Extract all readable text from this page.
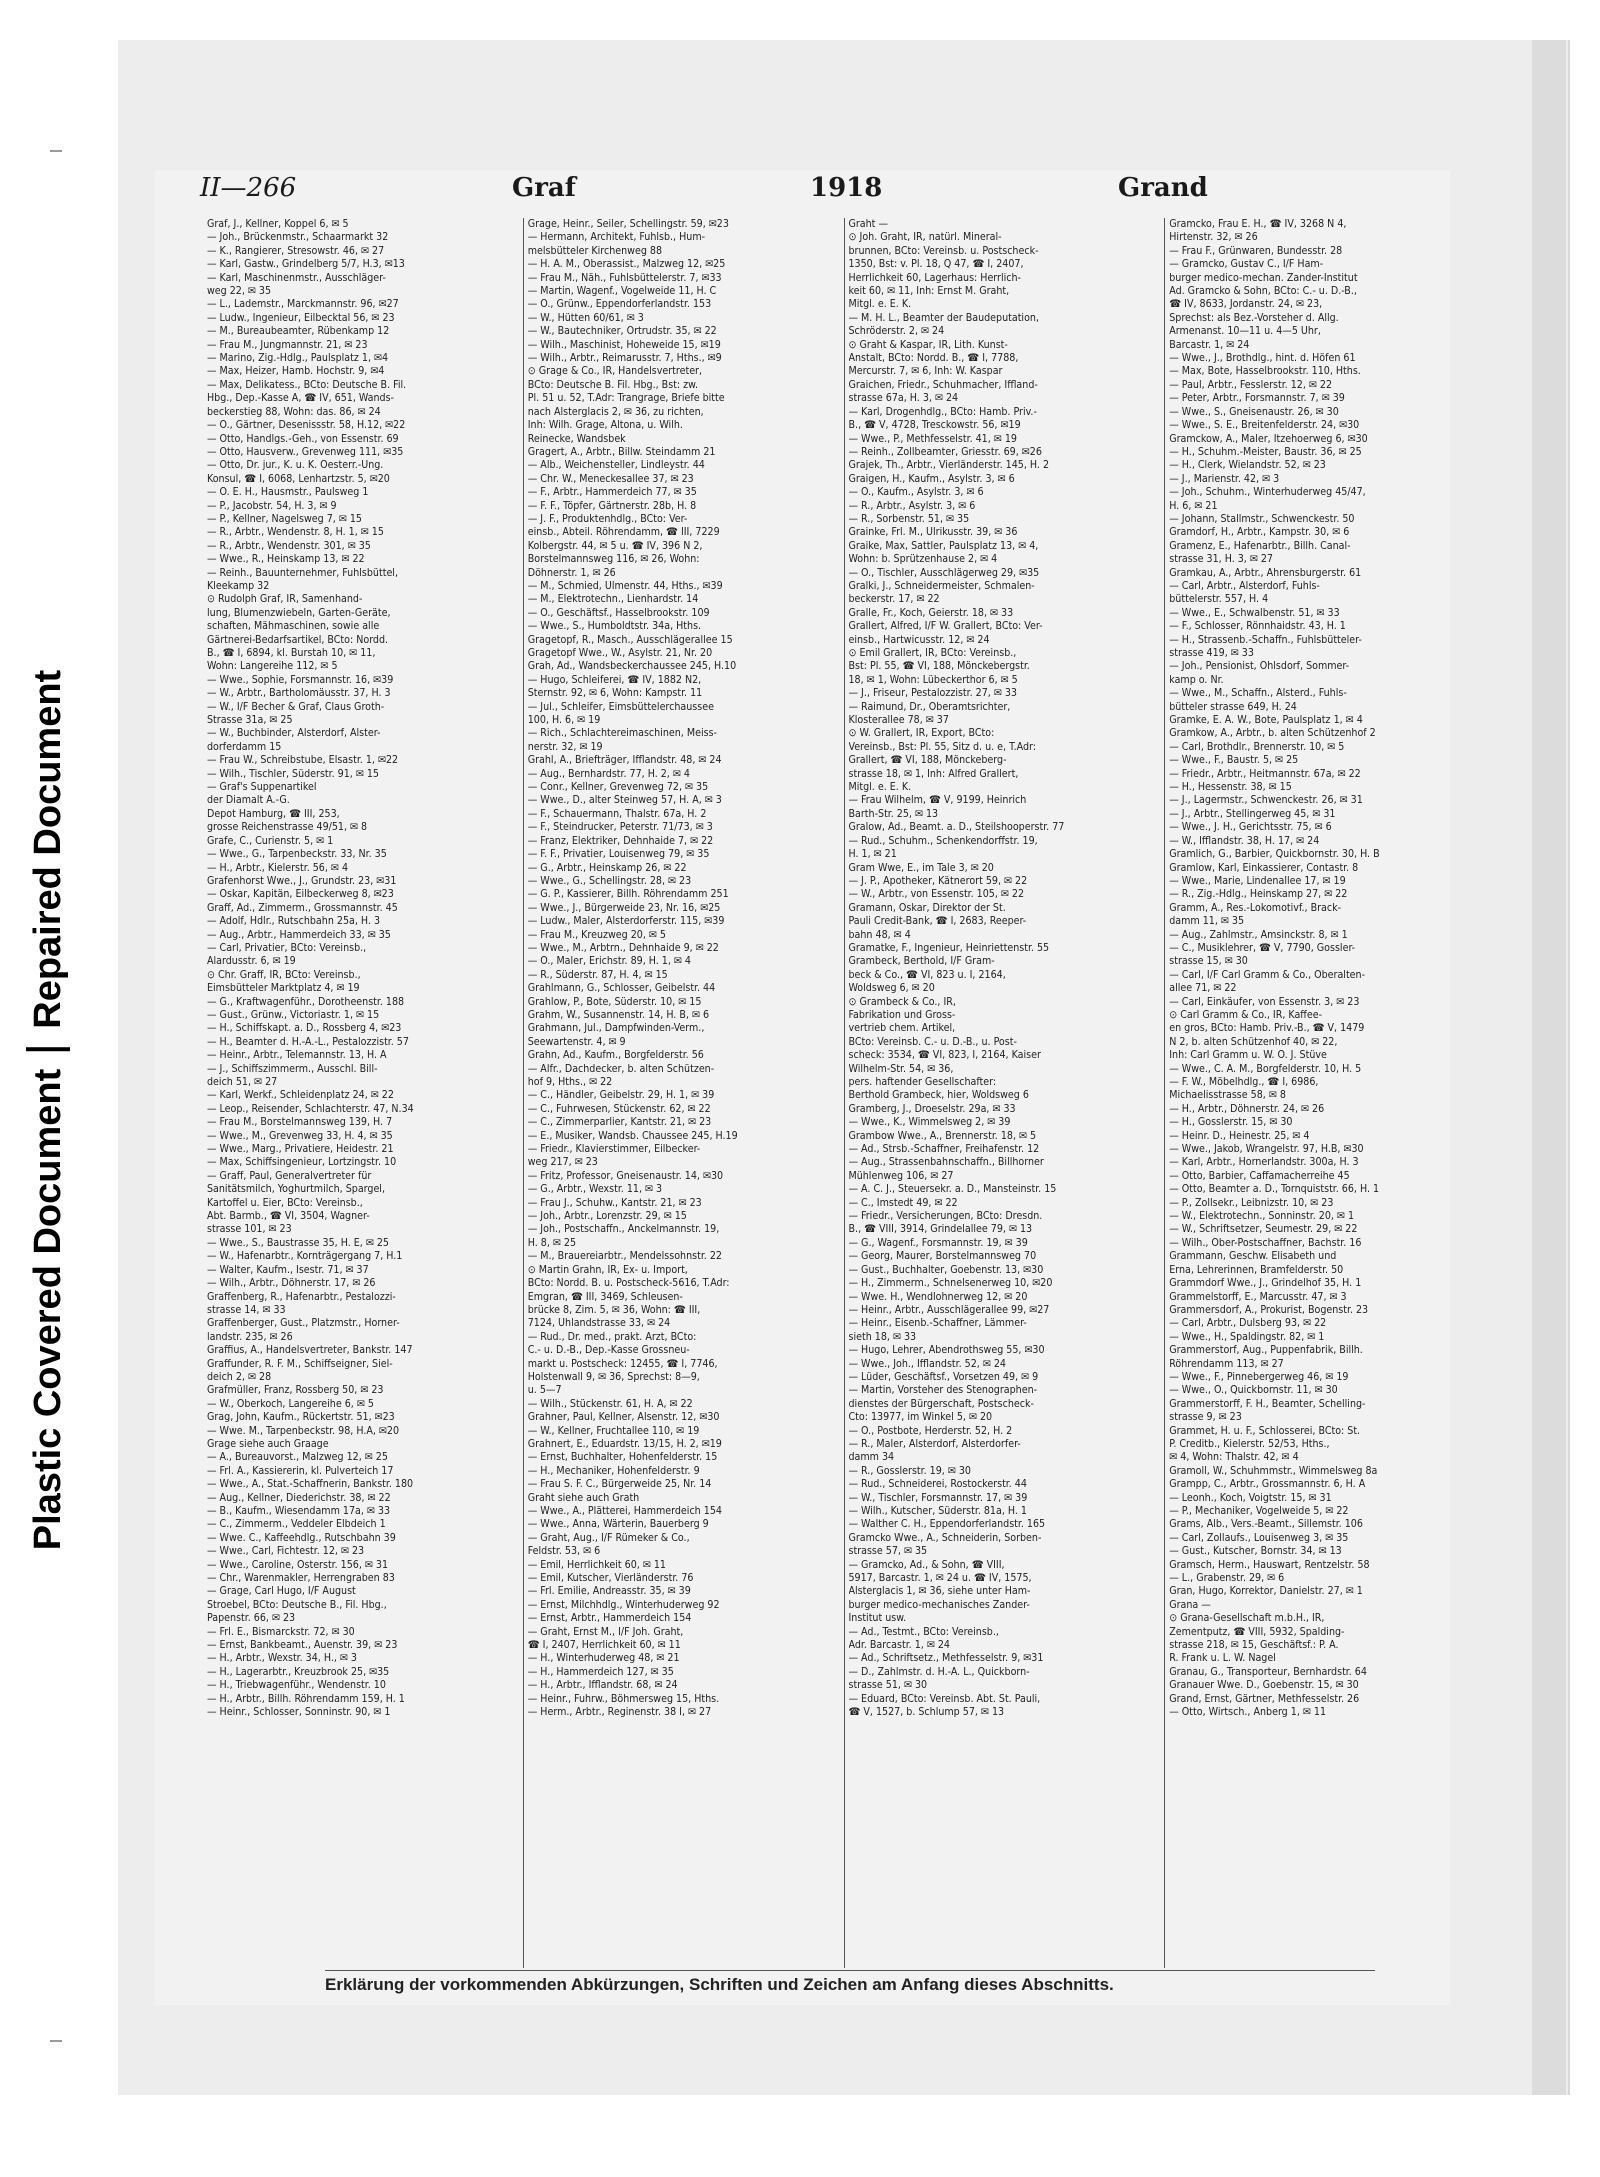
Plastic Covered Document
Repaired Document
II—266	Graf	1918	Grand
Graf, J., Kellner, Koppel 6, ✉ 5
— Joh., Brückenmstr., Schaarmarkt 32
— K., Rangierer, Stresowstr. 46, ✉ 27
— Karl, Gastw., Grindelberg 5/7, H.3, ✉13
— Karl, Maschinenmstr., Ausschläger-
weg 22, ✉ 35
— L., Lademstr., Marckmannstr. 96, ✉27
— Ludw., Ingenieur, Eilbecktal 56, ✉ 23
— M., Bureaubeamter, Rübenkamp 12
— Frau M., Jungmannstr. 21, ✉ 23
— Marino, Zig.-Hdlg., Paulsplatz 1, ✉4
— Max, Heizer, Hamb. Hochstr. 9, ✉4
— Max, Delikatess., BCto: Deutsche B. Fil.
Hbg., Dep.-Kasse A, ☎ IV, 651, Wands-
beckerstieg 88, Wohn: das. 86, ✉ 24
— O., Gärtner, Desenissstr. 58, H.12, ✉22
— Otto, Handlgs.-Geh., von Essenstr. 69
— Otto, Hausverw., Grevenweg 111, ✉35
— Otto, Dr. jur., K. u. K. Oesterr.-Ung.
Konsul, ☎ I, 6068, Lenhartzstr. 5, ✉20
— O. E. H., Hausmstr., Paulsweg 1
— P., Jacobstr. 54, H. 3, ✉ 9
— P., Kellner, Nagelsweg 7, ✉ 15
— R., Arbtr., Wendenstr. 8, H. 1, ✉ 15
— R., Arbtr., Wendenstr. 301, ✉ 35
— Wwe., R., Heinskamp 13, ✉ 22
— Reinh., Bauunternehmer, Fuhlsbüttel,
Kleekamp 32
⊙ Rudolph Graf, IR, Samenhand-
lung, Blumenzwiebeln, Garten-Geräte,
schaften, Mähmaschinen, sowie alle
Gärtnerei-Bedarfsartikel, BCto: Nordd.
B., ☎ I, 6894, kl. Burstah 10, ✉ 11,
Wohn: Langereihe 112, ✉ 5
— Wwe., Sophie, Forsmannstr. 16, ✉39
— W., Arbtr., Bartholomäusstr. 37, H. 3
— W., I/F Becher & Graf, Claus Groth-
Strasse 31a, ✉ 25
— W., Buchbinder, Alsterdorf, Alster-
dorferdamm 15
— Frau W., Schreibstube, Elsastr. 1, ✉22
— Wilh., Tischler, Süderstr. 91, ✉ 15
— Graf's Suppenartikel
der Diamalt A.-G.
Depot Hamburg, ☎ III, 253,
grosse Reichenstrasse 49/51, ✉ 8
Grafe, C., Curienstr. 5, ✉ 1
— Wwe., G., Tarpenbeckstr. 33, Nr. 35
— H., Arbtr., Kielerstr. 56, ✉ 4
Grafenhorst Wwe., J., Grundstr. 23, ✉31
— Oskar, Kapitän, Eilbeckerweg 8, ✉23
Graff, Ad., Zimmerm., Grossmannstr. 45
— Adolf, Hdlr., Rutschbahn 25a, H. 3
— Aug., Arbtr., Hammerdeich 33, ✉ 35
— Carl, Privatier, BCto: Vereinsb.,
Alardusstr. 6, ✉ 19
⊙ Chr. Graff, IR, BCto: Vereinsb.,
Eimsbütteler Marktplatz 4, ✉ 19
— G., Kraftwagenführ., Dorotheenstr. 188
— Gust., Grünw., Victoriastr. 1, ✉ 15
— H., Schiffskapt. a. D., Rossberg 4, ✉23
— H., Beamter d. H.-A.-L., Pestalozzistr. 57
— Heinr., Arbtr., Telemannstr. 13, H. A
— J., Schiffszimmerm., Ausschl. Bill-
deich 51, ✉ 27
— Karl, Werkf., Schleidenplatz 24, ✉ 22
— Leop., Reisender, Schlachterstr. 47, N.34
— Frau M., Borstelmannsweg 139, H. 7
— Wwe., M., Grevenweg 33, H. 4, ✉ 35
— Wwe., Marg., Privatiere, Heidestr. 21
— Max, Schiffsingenieur, Lortzingstr. 10
— Graff, Paul, Generalvertreter für
Sanitätsmilch, Yoghurtmilch, Spargel,
Kartoffel u. Eier, BCto: Vereinsb.,
Abt. Barmb., ☎ VI, 3504, Wagner-
strasse 101, ✉ 23
— Wwe., S., Baustrasse 35, H. E, ✉ 25
— W., Hafenarbtr., Kornträgergang 7, H.1
— Walter, Kaufm., Isestr. 71, ✉ 37
— Wilh., Arbtr., Döhnerstr. 17, ✉ 26
Graffenberg, R., Hafenarbtr., Pestalozzi-
strasse 14, ✉ 33
Graffenberger, Gust., Platzmstr., Horner-
landstr. 235, ✉ 26
Graffius, A., Handelsvertreter, Bankstr. 147
Graffunder, R. F. M., Schiffseigner, Siel-
deich 2, ✉ 28
Grafmüller, Franz, Rossberg 50, ✉ 23
— W., Oberkoch, Langereihe 6, ✉ 5
Grag, John, Kaufm., Rückertstr. 51, ✉23
— Wwe. M., Tarpenbeckstr. 98, H.A, ✉20
Grage siehe auch Graage
— A., Bureauvorst., Malzweg 12, ✉ 25
— Frl. A., Kassiererin, kl. Pulverteich 17
— Wwe., A., Stat.-Schaffnerin, Bankstr. 180
— Aug., Kellner, Diederichstr. 38, ✉ 22
— B., Kaufm., Wiesendamm 17a, ✉ 33
— C., Zimmerm., Veddeler Elbdeich 1
— Wwe. C., Kaffeehdlg., Rutschbahn 39
— Wwe., Carl, Fichtestr. 12, ✉ 23
— Wwe., Caroline, Osterstr. 156, ✉ 31
— Chr., Warenmakler, Herrengraben 83
— Grage, Carl Hugo, I/F August
Stroebel, BCto: Deutsche B., Fil. Hbg.,
Papenstr. 66, ✉ 23
— Frl. E., Bismarckstr. 72, ✉ 30
— Ernst, Bankbeamt., Auenstr. 39, ✉ 23
— H., Arbtr., Wexstr. 34, H., ✉ 3
— H., Lagerarbtr., Kreuzbrook 25, ✉35
— H., Triebwagenführ., Wendenstr. 10
— H., Arbtr., Billh. Röhrendamm 159, H. 1
— Heinr., Schlosser, Sonninstr. 90, ✉ 1
Grage, Heinr., Seiler, Schellingstr. 59, ✉23
— Hermann, Architekt, Fuhlsb., Hum-
melsbütteler Kirchenweg 88
— H. A. M., Oberassist., Malzweg 12, ✉25
— Frau M., Näh., Fuhlsbüttelerstr. 7, ✉33
— Martin, Wagenf., Vogelweide 11, H. C
— O., Grünw., Eppendorferlandstr. 153
— W., Hütten 60/61, ✉ 3
— W., Bautechniker, Ortrudstr. 35, ✉ 22
— Wilh., Maschinist, Hoheweide 15, ✉19
— Wilh., Arbtr., Reimarusstr. 7, Hths., ✉9
⊙ Grage & Co., IR, Handelsvertreter,
BCto: Deutsche B. Fil. Hbg., Bst: zw.
Pl. 51 u. 52, T.Adr: Trangrage, Briefe bitte
nach Alsterglacis 2, ✉ 36, zu richten,
Inh: Wilh. Grage, Altona, u. Wilh.
Reinecke, Wandsbek
Gragert, A., Arbtr., Billw. Steindamm 21
— Alb., Weichensteller, Lindleystr. 44
— Chr. W., Meneckesallee 37, ✉ 23
— F., Arbtr., Hammerdeich 77, ✉ 35
— F. F., Töpfer, Gärtnerstr. 28b, H. 8
— J. F., Produktenhdlg., BCto: Ver-
einsb., Abteil. Röhrendamm, ☎ III, 7229
Kolbergstr. 44, ✉ 5 u. ☎ IV, 396 N 2,
Borstelmannsweg 116, ✉ 26, Wohn:
Döhnerstr. 1, ✉ 26
— M., Schmied, Ulmenstr. 44, Hths., ✉39
— M., Elektrotechn., Lienhardstr. 14
— O., Geschäftsf., Hasselbrookstr. 109
— Wwe., S., Humboldtstr. 34a, Hths.
Gragetopf, R., Masch., Ausschlägerallee 15
Gragetopf Wwe., W., Asylstr. 21, Nr. 20
Grah, Ad., Wandsbeckerchaussee 245, H.10
— Hugo, Schleiferei, ☎ IV, 1882 N2,
Sternstr. 92, ✉ 6, Wohn: Kampstr. 11
— Jul., Schleifer, Eimsbüttelerchaussee
100, H. 6, ✉ 19
— Rich., Schlachtereimaschinen, Meiss-
nerstr. 32, ✉ 19
Grahl, A., Briefträger, Ifflandstr. 48, ✉ 24
— Aug., Bernhardstr. 77, H. 2, ✉ 4
— Conr., Kellner, Grevenweg 72, ✉ 35
— Wwe., D., alter Steinweg 57, H. A, ✉ 3
— F., Schauermann, Thalstr. 67a, H. 2
— F., Steindrucker, Peterstr. 71/73, ✉ 3
— Franz, Elektriker, Dehnhaide 7, ✉ 22
— F. F., Privatier, Louisenweg 79, ✉ 35
— G., Arbtr., Heinskamp 26, ✉ 22
— Wwe., G., Schellingstr. 28, ✉ 23
— G. P., Kassierer, Billh. Röhrendamm 251
— Wwe., J., Bürgerweide 23, Nr. 16, ✉25
— Ludw., Maler, Alsterdorferstr. 115, ✉39
— Frau M., Kreuzweg 20, ✉ 5
— Wwe., M., Arbtrn., Dehnhaide 9, ✉ 22
— O., Maler, Erichstr. 89, H. 1, ✉ 4
— R., Süderstr. 87, H. 4, ✉ 15
Grahlmann, G., Schlosser, Geibelstr. 44
Grahlow, P., Bote, Süderstr. 10, ✉ 15
Grahm, W., Susannenstr. 14, H. B, ✉ 6
Grahmann, Jul., Dampfwinden-Verm.,
Seewartenstr. 4, ✉ 9
Grahn, Ad., Kaufm., Borgfelderstr. 56
— Alfr., Dachdecker, b. alten Schützen-
hof 9, Hths., ✉ 22
— C., Händler, Geibelstr. 29, H. 1, ✉ 39
— C., Fuhrwesen, Stückenstr. 62, ✉ 22
— C., Zimmerparlier, Kantstr. 21, ✉ 23
— E., Musiker, Wandsb. Chaussee 245, H.19
— Friedr., Klavierstimmer, Eilbecker-
weg 217, ✉ 23
— Fritz, Professor, Gneisenaustr. 14, ✉30
— G., Arbtr., Wexstr. 11, ✉ 3
— Frau J., Schuhw., Kantstr. 21, ✉ 23
— Joh., Arbtr., Lorenzstr. 29, ✉ 15
— Joh., Postschaffn., Anckelmannstr. 19,
H. 8, ✉ 25
— M., Brauereiarbtr., Mendelssohnstr. 22
⊙ Martin Grahn, IR, Ex- u. Import,
BCto: Nordd. B. u. Postscheck-5616, T.Adr:
Emgran, ☎ III, 3469, Schleusen-
brücke 8, Zim. 5, ✉ 36, Wohn: ☎ III,
7124, Uhlandstrasse 33, ✉ 24
— Rud., Dr. med., prakt. Arzt, BCto:
C.- u. D.-B., Dep.-Kasse Grossneu-
markt u. Postscheck: 12455, ☎ I, 7746,
Holstenwall 9, ✉ 36, Sprechst: 8—9,
u. 5—7
— Wilh., Stückenstr. 61, H. A, ✉ 22
Grahner, Paul, Kellner, Alsenstr. 12, ✉30
— W., Kellner, Fruchtallee 110, ✉ 19
Grahnert, E., Eduardstr. 13/15, H. 2, ✉19
— Ernst, Buchhalter, Hohenfelderstr. 15
— H., Mechaniker, Hohenfelderstr. 9
— Frau S. F. C., Bürgerweide 25, Nr. 14
Graht siehe auch Grath
— Wwe., A., Plätterei, Hammerdeich 154
— Wwe., Anna, Wärterin, Bauerberg 9
— Graht, Aug., I/F Rümeker & Co.,
Feldstr. 53, ✉ 6
— Emil, Herrlichkeit 60, ✉ 11
— Emil, Kutscher, Vierländerstr. 76
— Frl. Emilie, Andreasstr. 35, ✉ 39
— Ernst, Milchhdlg., Winterhuderweg 92
— Ernst, Arbtr., Hammerdeich 154
— Graht, Ernst M., I/F Joh. Graht,
☎ I, 2407, Herrlichkeit 60, ✉ 11
— H., Winterhuderweg 48, ✉ 21
— H., Hammerdeich 127, ✉ 35
— H., Arbtr., Ifflandstr. 68, ✉ 24
— Heinr., Fuhrw., Böhmersweg 15, Hths.
— Herm., Arbtr., Reginenstr. 38 I, ✉ 27
Graht —
⊙ Joh. Graht, IR, natürl. Mineral-
brunnen, BCto: Vereinsb. u. Postscheck-
1350, Bst: v. Pl. 18, Q 47, ☎ I, 2407,
Herrlichkeit 60, Lagerhaus: Herrlich-
keit 60, ✉ 11, Inh: Ernst M. Graht,
Mitgl. e. E. K.
— M. H. L., Beamter der Baudeputation,
Schröderstr. 2, ✉ 24
⊙ Graht & Kaspar, IR, Lith. Kunst-
Anstalt, BCto: Nordd. B., ☎ I, 7788,
Mercurstr. 7, ✉ 6, Inh: W. Kaspar
Graichen, Friedr., Schuhmacher, Iffland-
strasse 67a, H. 3, ✉ 24
— Karl, Drogenhdlg., BCto: Hamb. Priv.-
B., ☎ V, 4728, Tresckowstr. 56, ✉19
— Wwe., P., Methfesselstr. 41, ✉ 19
— Reinh., Zollbeamter, Griesstr. 69, ✉26
Grajek, Th., Arbtr., Vierländerstr. 145, H. 2
Graigen, H., Kaufm., Asylstr. 3, ✉ 6
— O., Kaufm., Asylstr. 3, ✉ 6
— R., Arbtr., Asylstr. 3, ✉ 6
— R., Sorbenstr. 51, ✉ 35
Grainke, Frl. M., Ulrikusstr. 39, ✉ 36
Graike, Max, Sattler, Paulsplatz 13, ✉ 4,
Wohn: b. Sprützenhause 2, ✉ 4
— O., Tischler, Ausschlägerweg 29, ✉35
Gralki, J., Schneidermeister, Schmalen-
beckerstr. 17, ✉ 22
Gralle, Fr., Koch, Geierstr. 18, ✉ 33
Grallert, Alfred, I/F W. Grallert, BCto: Ver-
einsb., Hartwicusstr. 12, ✉ 24
⊙ Emil Grallert, IR, BCto: Vereinsb.,
Bst: Pl. 55, ☎ VI, 188, Mönckebergstr.
18, ✉ 1, Wohn: Lübeckerthor 6, ✉ 5
— J., Friseur, Pestalozzistr. 27, ✉ 33
— Raimund, Dr., Oberamtsrichter,
Klosterallee 78, ✉ 37
⊙ W. Grallert, IR, Export, BCto:
Vereinsb., Bst: Pl. 55, Sitz d. u. e, T.Adr:
Grallert, ☎ VI, 188, Mönckeberg-
strasse 18, ✉ 1, Inh: Alfred Grallert,
Mitgl. e. E. K.
— Frau Wilhelm, ☎ V, 9199, Heinrich
Barth-Str. 25, ✉ 13
Gralow, Ad., Beamt. a. D., Steilshooperstr. 77
— Rud., Schuhm., Schenkendorffstr. 19,
H. 1, ✉ 21
Gram Wwe, E., im Tale 3, ✉ 20
— J. P., Apotheker, Kätnerort 59, ✉ 22
— W., Arbtr., von Essenstr. 105, ✉ 22
Gramann, Oskar, Direktor der St.
Pauli Credit-Bank, ☎ I, 2683, Reeper-
bahn 48, ✉ 4
Gramatke, F., Ingenieur, Heinriettenstr. 55
Grambeck, Berthold, I/F Gram-
beck & Co., ☎ VI, 823 u. I, 2164,
Woldsweg 6, ✉ 20
⊙ Grambeck & Co., IR,
Fabrikation und Gross-
vertrieb chem. Artikel,
BCto: Vereinsb. C.- u. D.-B., u. Post-
scheck: 3534, ☎ VI, 823, I, 2164, Kaiser
Wilhelm-Str. 54, ✉ 36,
pers. haftender Gesellschafter:
Berthold Grambeck, hier, Woldsweg 6
Gramberg, J., Droeselstr. 29a, ✉ 33
— Wwe., K., Wimmelsweg 2, ✉ 39
Grambow Wwe., A., Brennerstr. 18, ✉ 5
— Ad., Strsb.-Schaffner, Freihafenstr. 12
— Aug., Strassenbahnschaffn., Billhorner
Mühlenweg 106, ✉ 27
— A. C. J., Steuersekr. a. D., Mansteinstr. 15
— C., Imstedt 49, ✉ 22
— Friedr., Versicherungen, BCto: Dresdn.
B., ☎ VIII, 3914, Grindelallee 79, ✉ 13
— G., Wagenf., Forsmannstr. 19, ✉ 39
— Georg, Maurer, Borstelmannsweg 70
— Gust., Buchhalter, Goebenstr. 13, ✉30
— H., Zimmerm., Schnelsenerweg 10, ✉20
— Wwe. H., Wendlohnerweg 12, ✉ 20
— Heinr., Arbtr., Ausschlägerallee 99, ✉27
— Heinr., Eisenb.-Schaffner, Lämmer-
sieth 18, ✉ 33
— Hugo, Lehrer, Abendrothsweg 55, ✉30
— Wwe., Joh., Ifflandstr. 52, ✉ 24
— Lüder, Geschäftsf., Vorsetzen 49, ✉ 9
— Martin, Vorsteher des Stenographen-
dienstes der Bürgerschaft, Postscheck-
Cto: 13977, im Winkel 5, ✉ 20
— O., Postbote, Herderstr. 52, H. 2
— R., Maler, Alsterdorf, Alsterdorfer-
damm 34
— R., Gosslerstr. 19, ✉ 30
— Rud., Schneiderei, Rostockerstr. 44
— W., Tischler, Forsmannstr. 17, ✉ 39
— Wilh., Kutscher, Süderstr. 81a, H. 1
— Walther C. H., Eppendorferlandstr. 165
Gramcko Wwe., A., Schneiderin, Sorben-
strasse 57, ✉ 35
— Gramcko, Ad., & Sohn, ☎ VIII,
5917, Barcastr. 1, ✉ 24 u. ☎ IV, 1575,
Alsterglacis 1, ✉ 36, siehe unter Ham-
burger medico-mechanisches Zander-
Institut usw.
— Ad., Testmt., BCto: Vereinsb.,
Adr. Barcastr. 1, ✉ 24
— Ad., Schriftsetz., Methfesselstr. 9, ✉31
— D., Zahlmstr. d. H.-A. L., Quickborn-
strasse 51, ✉ 30
— Eduard, BCto: Vereinsb. Abt. St. Pauli,
☎ V, 1527, b. Schlump 57, ✉ 13
Gramcko, Frau E. H., ☎ IV, 3268 N 4,
Hirtenstr. 32, ✉ 26
— Frau F., Grünwaren, Bundesstr. 28
— Gramcko, Gustav C., I/F Ham-
burger medico-mechan. Zander-Institut
Ad. Gramcko & Sohn, BCto: C.- u. D.-B.,
☎ IV, 8633, Jordanstr. 24, ✉ 23,
Sprechst: als Bez.-Vorsteher d. Allg.
Armenanst. 10—11 u. 4—5 Uhr,
Barcastr. 1, ✉ 24
— Wwe., J., Brothdlg., hint. d. Höfen 61
— Max, Bote, Hasselbrookstr. 110, Hths.
— Paul, Arbtr., Fesslerstr. 12, ✉ 22
— Peter, Arbtr., Forsmannstr. 7, ✉ 39
— Wwe., S., Gneisenaustr. 26, ✉ 30
— Wwe., S. E., Breitenfelderstr. 24, ✉30
Gramckow, A., Maler, Itzehoerweg 6, ✉30
— H., Schuhm.-Meister, Baustr. 36, ✉ 25
— H., Clerk, Wielandstr. 52, ✉ 23
— J., Marienstr. 42, ✉ 3
— Joh., Schuhm., Winterhuderweg 45/47,
H. 6, ✉ 21
— Johann, Stallmstr., Schwenckestr. 50
Gramdorf, H., Arbtr., Kampstr. 30, ✉ 6
Gramenz, E., Hafenarbtr., Billh. Canal-
strasse 31, H. 3, ✉ 27
Gramkau, A., Arbtr., Ahrensburgerstr. 61
— Carl, Arbtr., Alsterdorf, Fuhls-
büttelerstr. 557, H. 4
— Wwe., E., Schwalbenstr. 51, ✉ 33
— F., Schlosser, Rönnhaidstr. 43, H. 1
— H., Strassenb.-Schaffn., Fuhlsbütteler-
strasse 419, ✉ 33
— Joh., Pensionist, Ohlsdorf, Sommer-
kamp o. Nr.
— Wwe., M., Schaffn., Alsterd., Fuhls-
bütteler strasse 649, H. 24
Gramke, E. A. W., Bote, Paulsplatz 1, ✉ 4
Gramkow, A., Arbtr., b. alten Schützenhof 2
— Carl, Brothdlr., Brennerstr. 10, ✉ 5
— Wwe., F., Baustr. 5, ✉ 25
— Friedr., Arbtr., Heitmannstr. 67a, ✉ 22
— H., Hessenstr. 38, ✉ 15
— J., Lagermstr., Schwenckestr. 26, ✉ 31
— J., Arbtr., Stellingerweg 45, ✉ 31
— Wwe., J. H., Gerichtsstr. 75, ✉ 6
— W., Ifflandstr. 38, H. 17, ✉ 24
Gramlich, G., Barbier, Quickbornstr. 30, H. B
Gramlow, Karl, Einkassierer, Contastr. 8
— Wwe., Marie, Lindenallee 17, ✉ 19
— R., Zig.-Hdlg., Heinskamp 27, ✉ 22
Gramm, A., Res.-Lokomotivf., Brack-
damm 11, ✉ 35
— Aug., Zahlmstr., Amsinckstr. 8, ✉ 1
— C., Musiklehrer, ☎ V, 7790, Gossler-
strasse 15, ✉ 30
— Carl, I/F Carl Gramm & Co., Oberalten-
allee 71, ✉ 22
— Carl, Einkäufer, von Essenstr. 3, ✉ 23
⊙ Carl Gramm & Co., IR, Kaffee-
en gros, BCto: Hamb. Priv.-B., ☎ V, 1479
N 2, b. alten Schützenhof 40, ✉ 22,
Inh: Carl Gramm u. W. O. J. Stüve
— Wwe., C. A. M., Borgfelderstr. 10, H. 5
— F. W., Möbelhdlg., ☎ I, 6986,
Michaelisstrasse 58, ✉ 8
— H., Arbtr., Döhnerstr. 24, ✉ 26
— H., Gosslerstr. 15, ✉ 30
— Heinr. D., Heinestr. 25, ✉ 4
— Wwe., Jakob, Wrangelstr. 97, H.B, ✉30
— Karl, Arbtr., Hornerlandstr. 300a, H. 3
— Otto, Barbier, Caffamacherreihe 45
— Otto, Beamter a. D., Tornquiststr. 66, H. 1
— P., Zollsekr., Leibnizstr. 10, ✉ 23
— W., Elektrotechn., Sonninstr. 20, ✉ 1
— W., Schriftsetzer, Seumestr. 29, ✉ 22
— Wilh., Ober-Postschaffner, Bachstr. 16
Grammann, Geschw. Elisabeth und
Erna, Lehrerinnen, Bramfelderstr. 50
Grammdorf Wwe., J., Grindelhof 35, H. 1
Grammelstorff, E., Marcusstr. 47, ✉ 3
Grammersdorf, A., Prokurist, Bogenstr. 23
— Carl, Arbtr., Dulsberg 93, ✉ 22
— Wwe., H., Spaldingstr. 82, ✉ 1
Grammerstorf, Aug., Puppenfabrik, Billh.
Röhrendamm 113, ✉ 27
— Wwe., F., Pinnebergerweg 46, ✉ 19
— Wwe., O., Quickbornstr. 11, ✉ 30
Grammerstorff, F. H., Beamter, Schelling-
strasse 9, ✉ 23
Grammet, H. u. F., Schlosserei, BCto: St.
P. Creditb., Kielerstr. 52/53, Hths.,
✉ 4, Wohn: Thalstr. 42, ✉ 4
Gramoll, W., Schuhmmstr., Wimmelsweg 8a
Grampp, C., Arbtr., Grossmannstr. 6, H. A
— Leonh., Koch, Voigtstr. 15, ✉ 31
— P., Mechaniker, Vogelweide 5, ✉ 22
Grams, Alb., Vers.-Beamt., Sillemstr. 106
— Carl, Zollaufs., Louisenweg 3, ✉ 35
— Gust., Kutscher, Bornstr. 34, ✉ 13
Gramsch, Herm., Hauswart, Rentzelstr. 58
— L., Grabenstr. 29, ✉ 6
Gran, Hugo, Korrektor, Danielstr. 27, ✉ 1
Grana —
⊙ Grana-Gesellschaft m.b.H., IR,
Zementputz, ☎ VIII, 5932, Spalding-
strasse 218, ✉ 15, Geschäftsf.: P. A.
R. Frank u. L. W. Nagel
Granau, G., Transporteur, Bernhardstr. 64
Granauer Wwe. D., Goebenstr. 15, ✉ 30
Grand, Ernst, Gärtner, Methfesselstr. 26
— Otto, Wirtsch., Anberg 1, ✉ 11
Erklärung der vorkommenden Abkürzungen, Schriften und Zeichen am Anfang dieses Abschnitts.
